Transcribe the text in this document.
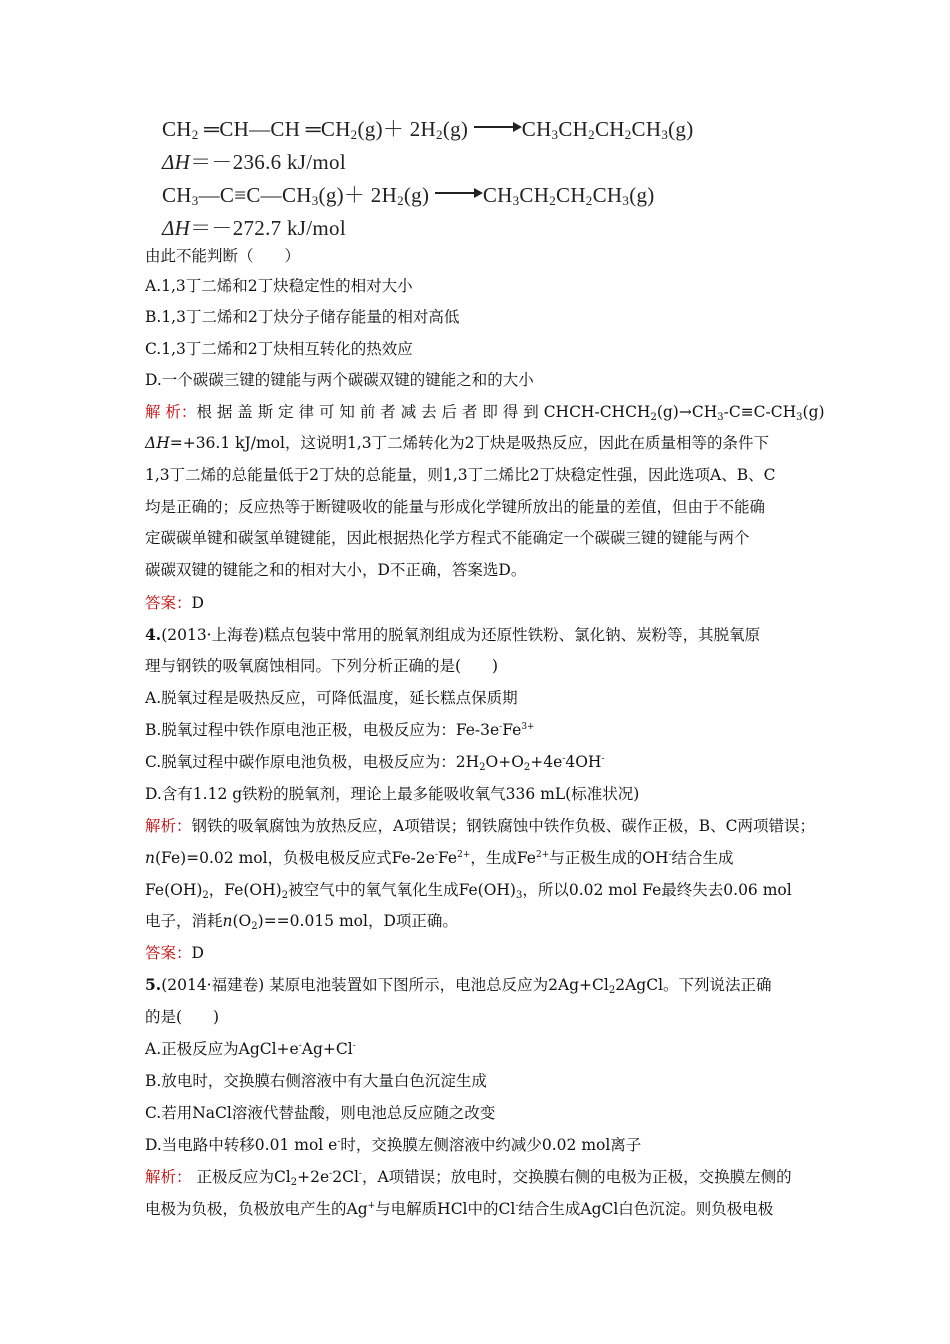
$CH_2$ ═CH—CH $═CH_2(g)+ 2H_2(g)$	$CH_3CH_2CH_2CH_3(g)$
ΔH＝－236.6 kJ/mol
$CH_3—C\equiv C—CH_3(g)+ 2H_2(g)$	$CH_3CH_2CH_2CH_3(g)$
ΔH＝－272.7 kJ/mol
由此不能判断（　　）
A.1,3丁二烯和2丁炔稳定性的相对大小
B.1,3丁二烯和2丁炔分子储存能量的相对高低
C.1,3丁二烯和2丁炔相互转化的热效应
D.一个碳碳三键的键能与两个碳碳双键的键能之和的大小
解 析：根 据 盖 斯 定 律 可 知 前 者 减 去 后 者 即 得 到 CHCH-$CHCH_2(g)\to CH_3-C\equiv C-CH_3(g)$
ΔH=+36.1 kJ/mol，这说明1,3丁二烯转化为2丁炔是吸热反应，因此在质量相等的条件下
1,3丁二烯的总能量低于2丁炔的总能量，则1,3丁二烯比2丁炔稳定性强，因此选项A、B、C
均是正确的；反应热等于断键吸收的能量与形成化学键所放出的能量的差值，但由于不能确
定碳碳单键和碳氢单键键能，因此根据热化学方程式不能确定一个碳碳三键的键能与两个
碳碳双键的键能之和的相对大小，D不正确，答案选D。
答案：D
4.(2013·上海卷)糕点包装中常用的脱氧剂组成为还原性铁粉、氯化钠、炭粉等，其脱氧原
理与钢铁的吸氧腐蚀相同。下列分析正确的是(　　)
A.脱氧过程是吸热反应，可降低温度，延长糕点保质期
B.脱氧过程中铁作原电池正极，电极反应为：$Fe-3e^-Fe^{3+}$
C.脱氧过程中碳作原电池负极，电极反应为：$2H_2O+O_2+4e^-4OH^-$
D.含有1.12 g铁粉的脱氧剂，理论上最多能吸收氧气336 mL(标准状况)
解析：钢铁的吸氧腐蚀为放热反应，A项错误；钢铁腐蚀中铁作负极、碳作正极，B、C两项错误；
n(Fe)=0.02 mol，负极电极反应式$Fe-2e^-Fe^{2+}$，生成$Fe^{2+}$与正极生成的OH-结合生成
$Fe(OH)_2$，$Fe(OH)_2$被空气中的氧气氧化生成$Fe(OH)_3$，所以0.02 mol Fe最终失去0.06 mol
电子，消耗$n(O_2)==0.015$ mol，D项正确。
答案：D
5.(2014·福建卷) 某原电池装置如下图所示，电池总反应为$2Ag+Cl_22AgCl$。下列说法正确
的是(　　)
A.正极反应为AgCl+e-Ag+Cl-
B.放电时，交换膜右侧溶液中有大量白色沉淀生成
C.若用NaCl溶液代替盐酸，则电池总反应随之改变
D.当电路中转移0.01 mol e-时，交换膜左侧溶液中约减少0.02 mol离子
解析： 正极反应为$Cl_2+2e^-2Cl^-$，A项错误；放电时，交换膜右侧的电极为正极，交换膜左侧的
电极为负极，负极放电产生的Ag+与电解质HCl中的Cl-结合生成AgCl白色沉淀。则负极电极
